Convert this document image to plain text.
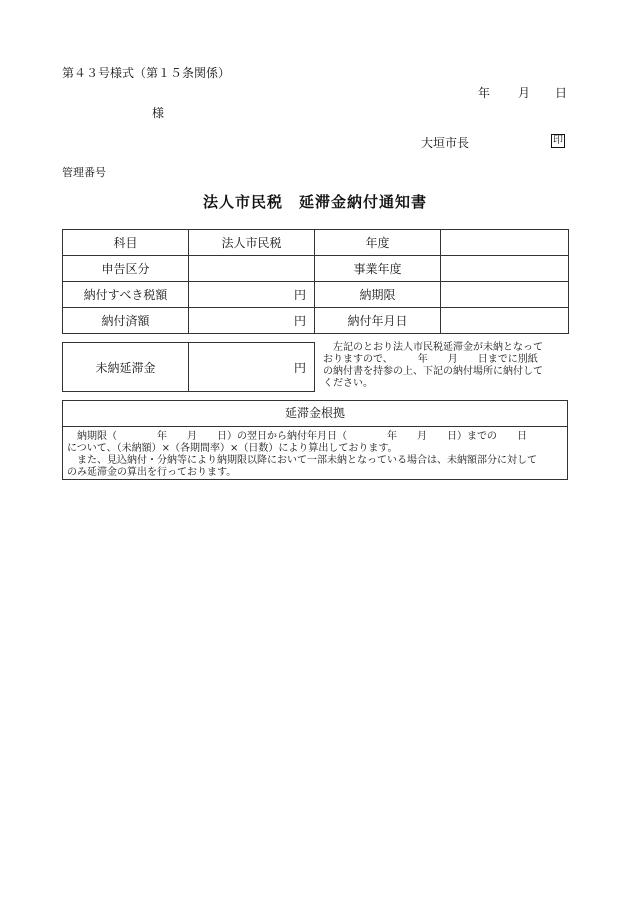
第４３号様式（第１５条関係）
年 月 日
様
大垣市長	印
管理番号
法人市民税　延滞金納付通知書
科目	法人市民税	年度	
申告区分		事業年度	
納付すべき税額	円	納期限	
納付済額	円	納付年月日	
未納延滞金	円
左記のとおり法人市民税延滞金が未納となって
おりますので、　　　年　　月　　日までに別紙
の納付書を持参の上、下記の納付場所に納付して
ください。
延滞金根拠

納期限（　　　　年　　月　　日）の翌日から納付年月日（　　　　年　　月　　日）までの　　日

について、（未納額）×（各期間率）×（日数）により算出しております。

また、見込納付・分納等により納期限以降において一部未納となっている場合は、未納額部分に対して

のみ延滞金の算出を行っております。
